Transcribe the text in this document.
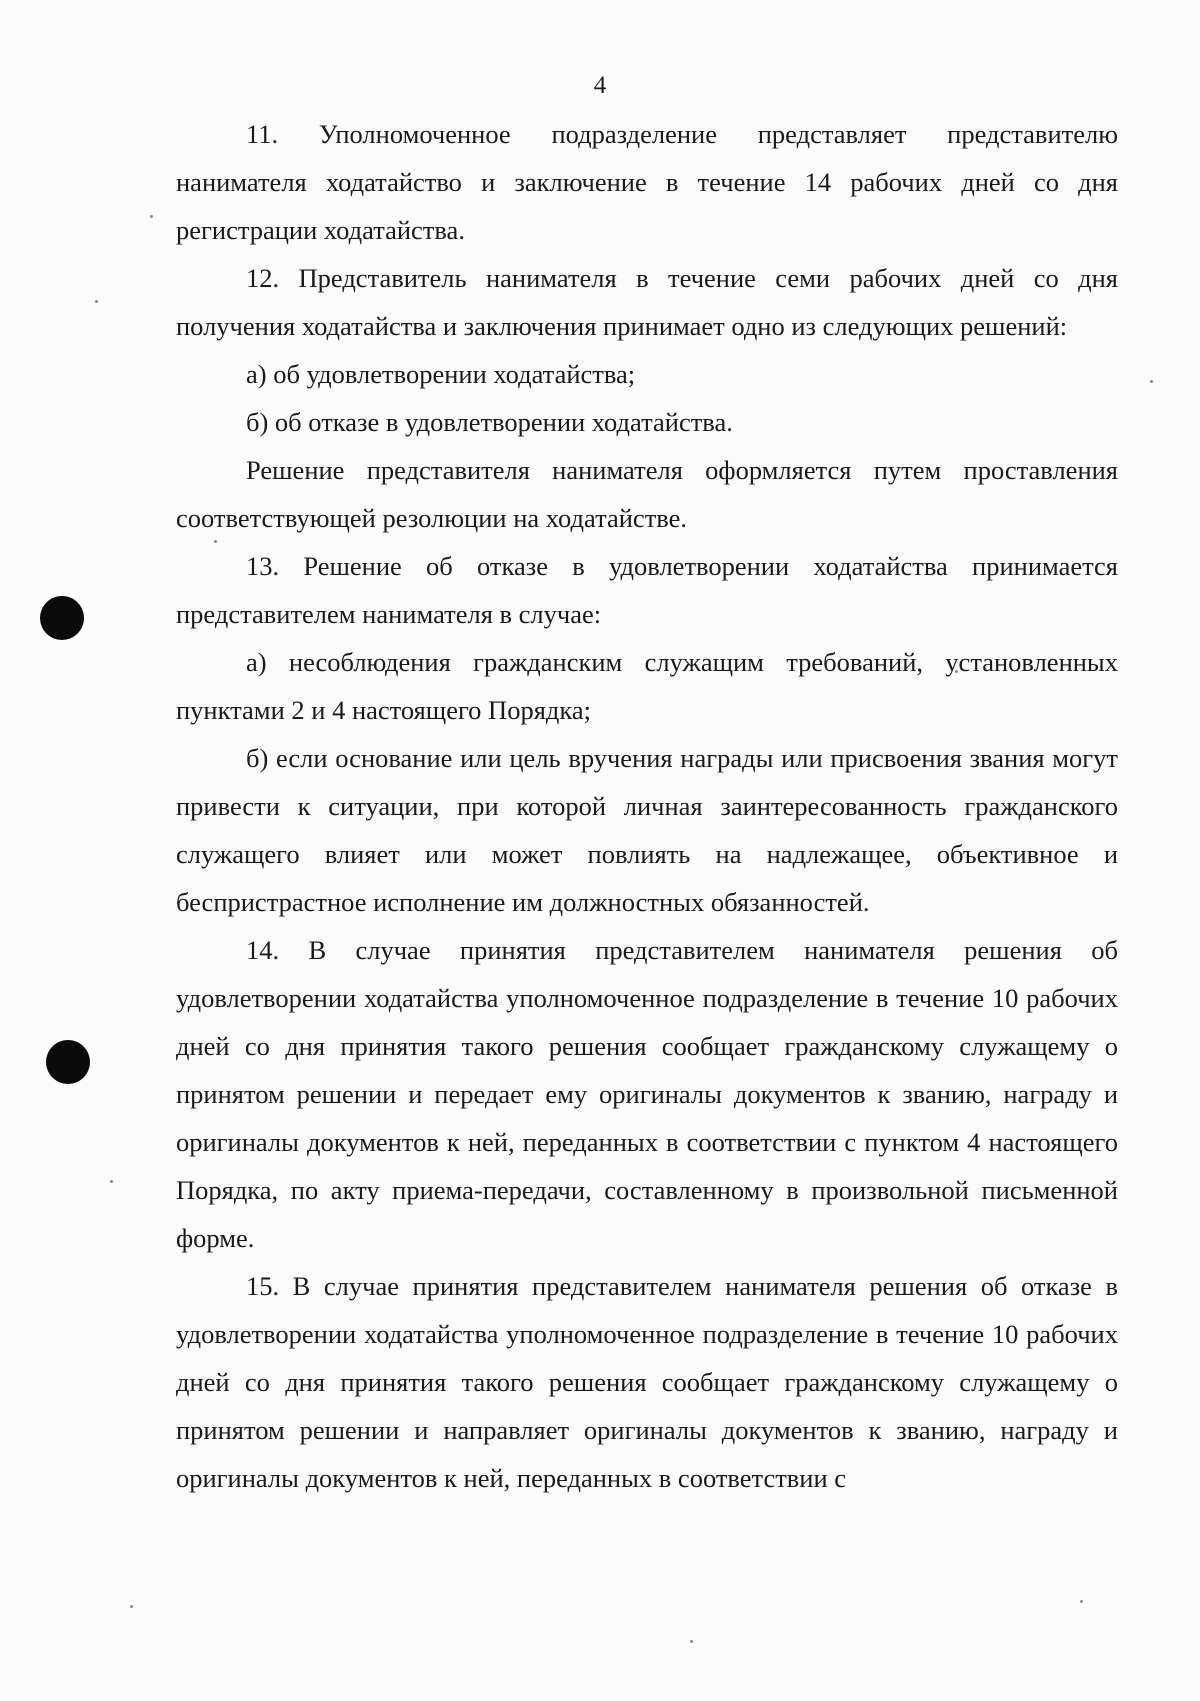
4

11. Уполномоченное подразделение представляет представителю нанимателя ходатайство и заключение в течение 14 рабочих дней со дня регистрации ходатайства.

12. Представитель нанимателя в течение семи рабочих дней со дня получения ходатайства и заключения принимает одно из следующих решений:

а) об удовлетворении ходатайства;

б) об отказе в удовлетворении ходатайства.

Решение представителя нанимателя оформляется путем проставления соответствующей резолюции на ходатайстве.

13. Решение об отказе в удовлетворении ходатайства принимается представителем нанимателя в случае:

а) несоблюдения гражданским служащим требований, установленных пунктами 2 и 4 настоящего Порядка;

б) если основание или цель вручения награды или присвоения звания могут привести к ситуации, при которой личная заинтересованность гражданского служащего влияет или может повлиять на надлежащее, объективное и беспристрастное исполнение им должностных обязанностей.

14. В случае принятия представителем нанимателя решения об удовлетворении ходатайства уполномоченное подразделение в течение 10 рабочих дней со дня принятия такого решения сообщает гражданскому служащему о принятом решении и передает ему оригиналы документов к званию, награду и оригиналы документов к ней, переданных в соответствии с пунктом 4 настоящего Порядка, по акту приема-передачи, составленному в произвольной письменной форме.

15. В случае принятия представителем нанимателя решения об отказе в удовлетворении ходатайства уполномоченное подразделение в течение 10 рабочих дней со дня принятия такого решения сообщает гражданскому служащему о принятом решении и направляет оригиналы документов к званию, награду и оригиналы документов к ней, переданных в соответствии с
